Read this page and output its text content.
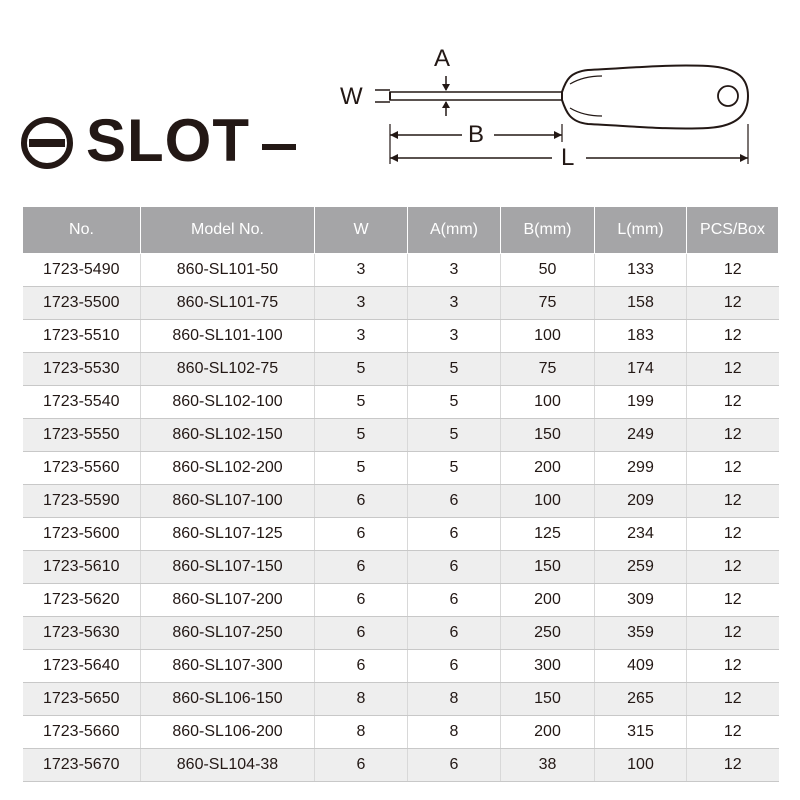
SLOT
A
W
B
L
No.	Model No.	W	A(mm)	B(mm)	L(mm)	PCS/Box
1723-5490	860-SL101-50	3	3	50	133	12
1723-5500	860-SL101-75	3	3	75	158	12
1723-5510	860-SL101-100	3	3	100	183	12
1723-5530	860-SL102-75	5	5	75	174	12
1723-5540	860-SL102-100	5	5	100	199	12
1723-5550	860-SL102-150	5	5	150	249	12
1723-5560	860-SL102-200	5	5	200	299	12
1723-5590	860-SL107-100	6	6	100	209	12
1723-5600	860-SL107-125	6	6	125	234	12
1723-5610	860-SL107-150	6	6	150	259	12
1723-5620	860-SL107-200	6	6	200	309	12
1723-5630	860-SL107-250	6	6	250	359	12
1723-5640	860-SL107-300	6	6	300	409	12
1723-5650	860-SL106-150	8	8	150	265	12
1723-5660	860-SL106-200	8	8	200	315	12
1723-5670	860-SL104-38	6	6	38	100	12
